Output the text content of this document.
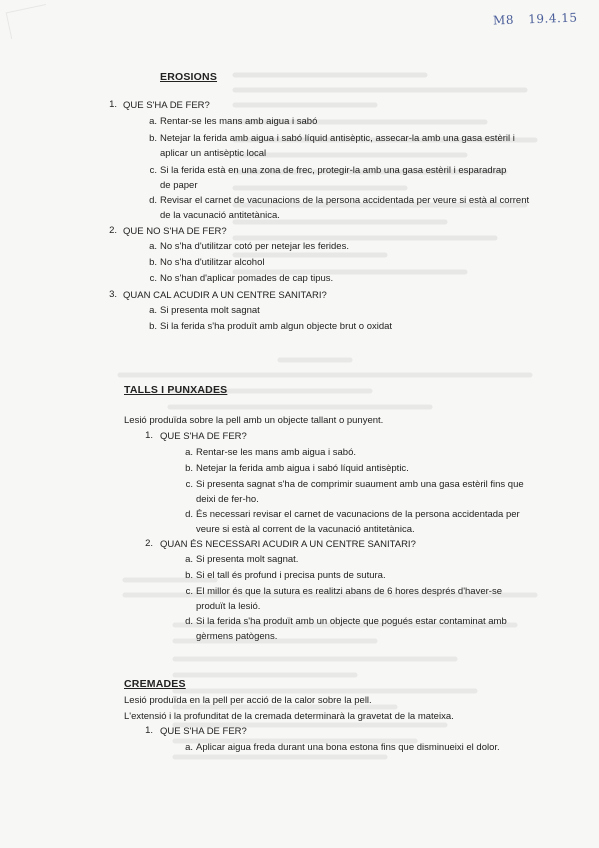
M8 19.4.15
EROSIONS
1. QUE S'HA DE FER?
a. Rentar-se les mans amb aigua i sabó
b. Netejar la ferida amb aigua i sabó líquid antisèptic, assecar-la amb una gasa estèril i aplicar un antisèptic local
c. Si la ferida està en una zona de frec, protegir-la amb una gasa estèril i esparadrap de paper
d. Revisar el carnet de vacunacions de la persona accidentada per veure si està al corrent de la vacunació antitetànica.
2. QUE NO S'HA DE FER?
a. No s'ha d'utilitzar cotó per netejar les ferides.
b. No s'ha d'utilitzar alcohol
c. No s'han d'aplicar pomades de cap tipus.
3. QUAN CAL ACUDIR A UN CENTRE SANITARI?
a. Si presenta molt sagnat
b. Si la ferida s'ha produït amb algun objecte brut o oxidat
TALLS I PUNXADES
Lesió produïda sobre la pell amb un objecte tallant o punyent.
1. QUE S'HA DE FER?
a. Rentar-se les mans amb aigua i sabó.
b. Netejar la ferida amb aigua i sabó líquid antisèptic.
c. Si presenta sagnat s'ha de comprimir suaument amb una gasa estèril fins que deixi de fer-ho.
d. És necessari revisar el carnet de vacunacions de la persona accidentada per veure si està al corrent de la vacunació antitetànica.
2. QUAN ÉS NECESSARI ACUDIR A UN CENTRE SANITARI?
a. Si presenta molt sagnat.
b. Si el tall és profund i precisa punts de sutura.
c. El millor és que la sutura es realitzi abans de 6 hores després d'haver-se produït la lesió.
d. Si la ferida s'ha produït amb un objecte que pogués estar contaminat amb gèrmens patògens.
CREMADES
Lesió produïda en la pell per acció de la calor sobre la pell.
L'extensió i la profunditat de la cremada determinarà la gravetat de la mateixa.
1. QUE S'HA DE FER?
a. Aplicar aigua freda durant una bona estona fins que disminueixi el dolor.
